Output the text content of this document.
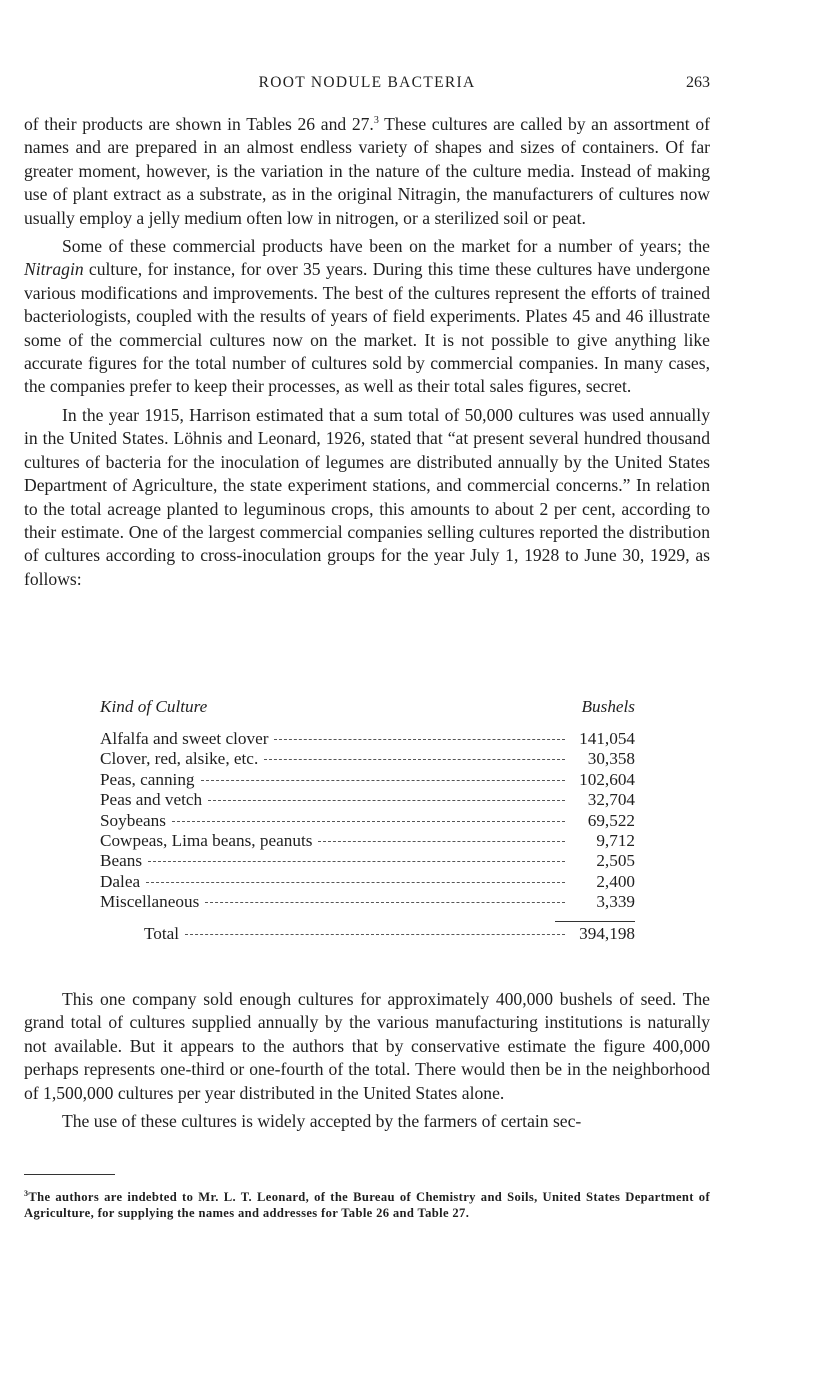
ROOT NODULE BACTERIA	263

of their products are shown in Tables 26 and 27.$^3$ These cultures are called by an assortment of names and are prepared in an almost endless variety of shapes and sizes of containers. Of far greater moment, however, is the variation in the nature of the culture media. Instead of making use of plant extract as a substrate, as in the original Nitragin, the manufacturers of cultures now usually employ a jelly medium often low in nitrogen, or a sterilized soil or peat.

Some of these commercial products have been on the market for a number of years; the Nitragin culture, for instance, for over 35 years. During this time these cultures have undergone various modifications and improvements. The best of the cultures represent the efforts of trained bacteriologists, coupled with the results of years of field experiments. Plates 45 and 46 illustrate some of the commercial cultures now on the market. It is not possible to give anything like accurate figures for the total number of cultures sold by commercial companies. In many cases, the companies prefer to keep their processes, as well as their total sales figures, secret.

In the year 1915, Harrison estimated that a sum total of 50,000 cultures was used annually in the United States. Löhnis and Leonard, 1926, stated that “at present several hundred thousand cultures of bacteria for the inoculation of legumes are distributed annually by the United States Department of Agriculture, the state experiment stations, and commercial concerns.” In relation to the total acreage planted to leguminous crops, this amounts to about 2 per cent, according to their estimate. One of the largest commercial companies selling cultures reported the distribution of cultures according to cross-inoculation groups for the year July 1, 1928 to June 30, 1929, as follows:

Kind of Culture	Bushels
Alfalfa and sweet clover	141,054
Clover, red, alsike, etc.	30,358
Peas, canning	102,604
Peas and vetch	32,704
Soybeans	69,522
Cowpeas, Lima beans, peanuts	9,712
Beans	2,505
Dalea	2,400
Miscellaneous	3,339
Total	394,198

This one company sold enough cultures for approximately 400,000 bushels of seed. The grand total of cultures supplied annually by the various manufacturing institutions is naturally not available. But it appears to the authors that by conservative estimate the figure 400,000 perhaps represents one-third or one-fourth of the total. There would then be in the neighborhood of 1,500,000 cultures per year distributed in the United States alone.

The use of these cultures is widely accepted by the farmers of certain sec-

$^3$The authors are indebted to Mr. L. T. Leonard, of the Bureau of Chemistry and Soils, United States Department of Agriculture, for supplying the names and addresses for Table 26 and Table 27.
